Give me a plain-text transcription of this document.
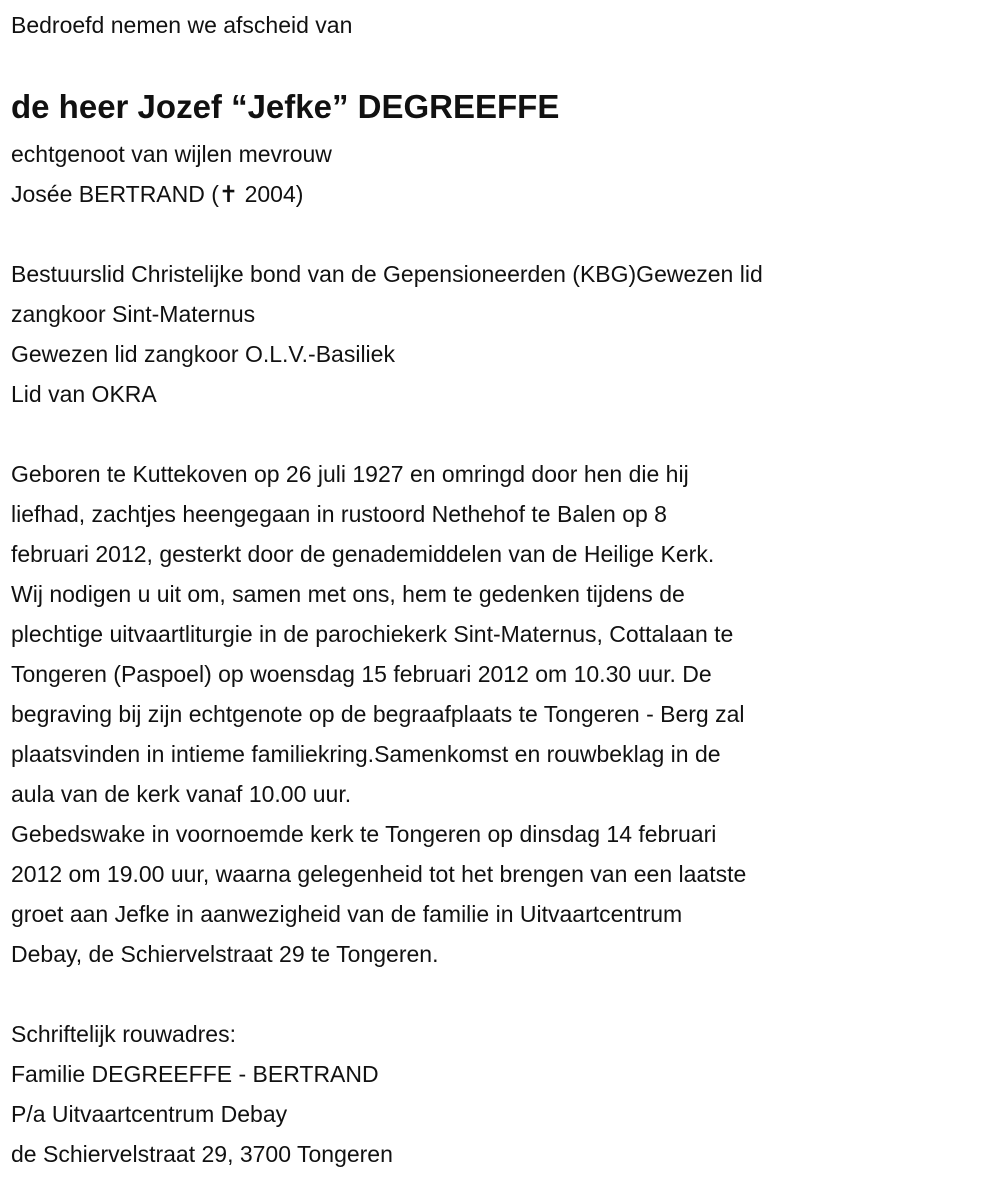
Bedroefd nemen we afscheid van
de heer Jozef “Jefke” DEGREEFFE
echtgenoot van wijlen mevrouw
Josée BERTRAND (✝ 2004)
Bestuurslid Christelijke bond van de Gepensioneerden (KBG)Gewezen lid
zangkoor Sint-Maternus
Gewezen lid zangkoor O.L.V.-Basiliek
Lid van OKRA
Geboren te Kuttekoven op 26 juli 1927 en omringd door hen die hij
liefhad, zachtjes heengegaan in rustoord Nethehof te Balen op 8
februari 2012, gesterkt door de genademiddelen van de Heilige Kerk.
Wij nodigen u uit om, samen met ons, hem te gedenken tijdens de
plechtige uitvaartliturgie in de parochiekerk Sint-Maternus, Cottalaan te
Tongeren (Paspoel) op woensdag 15 februari 2012 om 10.30 uur. De
begraving bij zijn echtgenote op de begraafplaats te Tongeren - Berg zal
plaatsvinden in intieme familiekring.Samenkomst en rouwbeklag in de
aula van de kerk vanaf 10.00 uur.
Gebedswake in voornoemde kerk te Tongeren op dinsdag 14 februari
2012 om 19.00 uur, waarna gelegenheid tot het brengen van een laatste
groet aan Jefke in aanwezigheid van de familie in Uitvaartcentrum
Debay, de Schiervelstraat 29 te Tongeren.
Schriftelijk rouwadres:
Familie DEGREEFFE - BERTRAND
P/a Uitvaartcentrum Debay
de Schiervelstraat 29, 3700 Tongeren
